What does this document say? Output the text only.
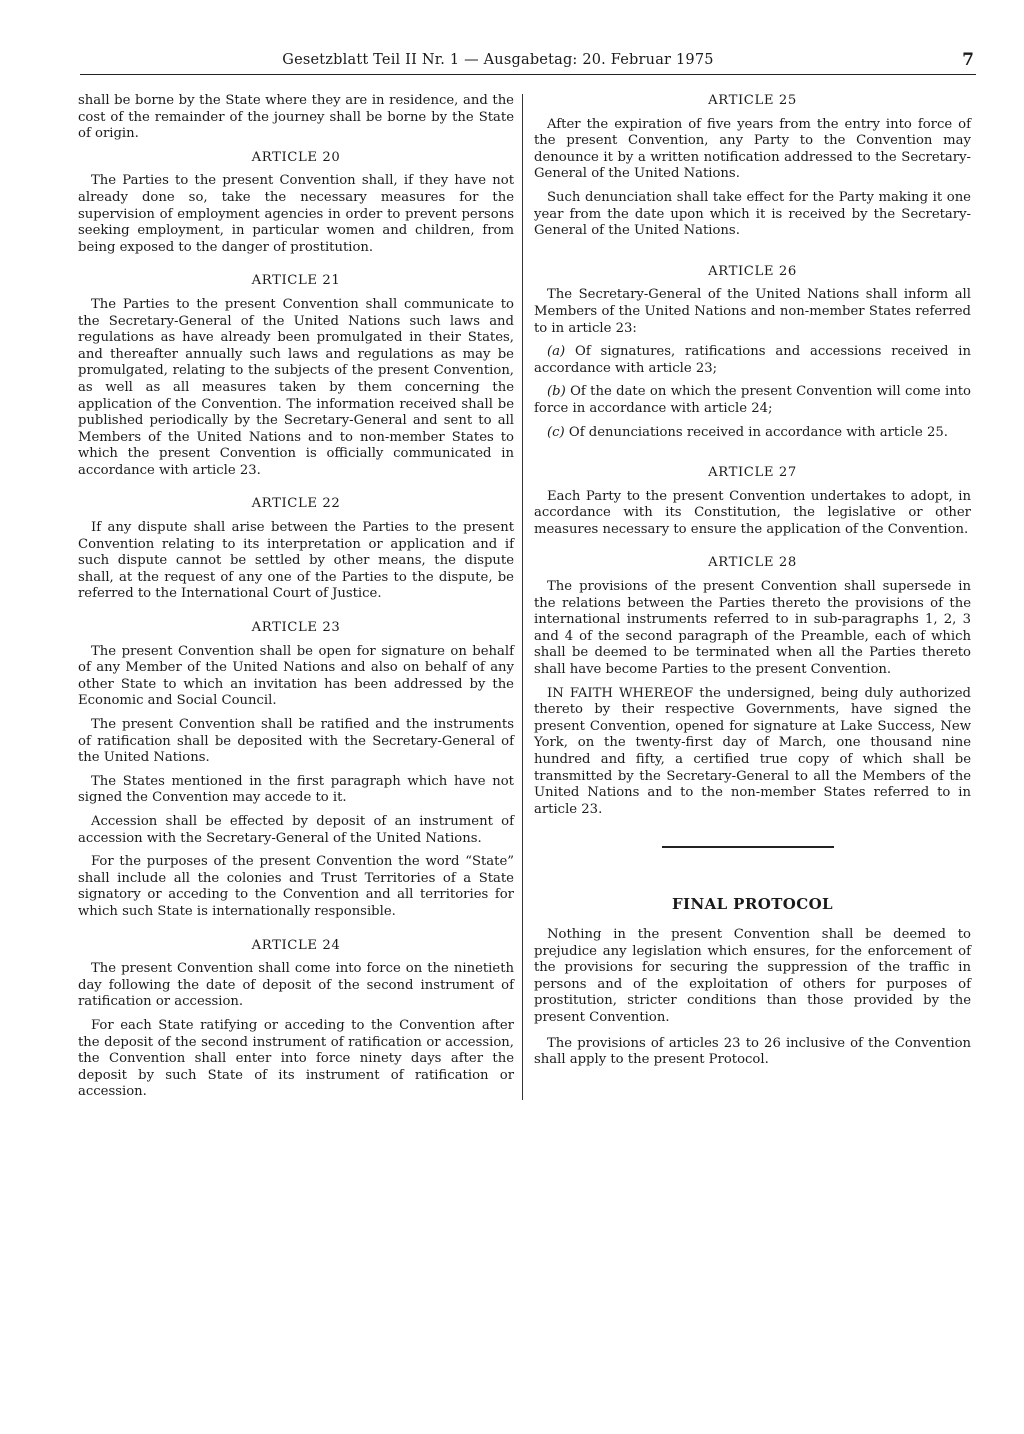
Gesetzblatt Teil II Nr. 1 — Ausgabetag: 20. Februar 1975	7

shall be borne by the State where they are in residence, and the cost of the remainder of the journey shall be borne by the State of origin.

ARTICLE 20

The Parties to the present Convention shall, if they have not already done so, take the necessary measures for the supervision of employment agencies in order to prevent persons seeking employment, in particular women and children, from being exposed to the danger of prostitution.

ARTICLE 21

The Parties to the present Convention shall communicate to the Secretary-General of the United Nations such laws and regulations as have already been promulgated in their States, and thereafter annually such laws and regulations as may be promulgated, relating to the subjects of the present Convention, as well as all measures taken by them concerning the application of the Convention. The information received shall be published periodically by the Secretary-General and sent to all Members of the United Nations and to non-member States to which the present Convention is officially communicated in accordance with article 23.

ARTICLE 22

If any dispute shall arise between the Parties to the present Convention relating to its interpretation or application and if such dispute cannot be settled by other means, the dispute shall, at the request of any one of the Parties to the dispute, be referred to the International Court of Justice.

ARTICLE 23

The present Convention shall be open for signature on behalf of any Member of the United Nations and also on behalf of any other State to which an invitation has been addressed by the Economic and Social Council.

The present Convention shall be ratified and the instruments of ratification shall be deposited with the Secretary-General of the United Nations.

The States mentioned in the first paragraph which have not signed the Convention may accede to it.

Accession shall be effected by deposit of an instrument of accession with the Secretary-General of the United Nations.

For the purposes of the present Convention the word “State” shall include all the colonies and Trust Territories of a State signatory or acceding to the Convention and all territories for which such State is internationally responsible.

ARTICLE 24

The present Convention shall come into force on the ninetieth day following the date of deposit of the second instrument of ratification or accession.

For each State ratifying or acceding to the Convention after the deposit of the second instrument of ratification or accession, the Convention shall enter into force ninety days after the deposit by such State of its instrument of ratification or accession.

ARTICLE 25

After the expiration of five years from the entry into force of the present Convention, any Party to the Convention may denounce it by a written notification addressed to the Secretary-General of the United Nations.

Such denunciation shall take effect for the Party making it one year from the date upon which it is received by the Secretary-General of the United Nations.

ARTICLE 26

The Secretary-General of the United Nations shall inform all Members of the United Nations and non-member States referred to in article 23:

(a) Of signatures, ratifications and accessions received in accordance with article 23;

(b) Of the date on which the present Convention will come into force in accordance with article 24;

(c) Of denunciations received in accordance with article 25.

ARTICLE 27

Each Party to the present Convention undertakes to adopt, in accordance with its Constitution, the legislative or other measures necessary to ensure the application of the Convention.

ARTICLE 28

The provisions of the present Convention shall supersede in the relations between the Parties thereto the provisions of the international instruments referred to in sub-paragraphs 1, 2, 3 and 4 of the second paragraph of the Preamble, each of which shall be deemed to be terminated when all the Parties thereto shall have become Parties to the present Convention.

IN FAITH WHEREOF the undersigned, being duly authorized thereto by their respective Governments, have signed the present Convention, opened for signature at Lake Success, New York, on the twenty-first day of March, one thousand nine hundred and fifty, a certified true copy of which shall be transmitted by the Secretary-General to all the Members of the United Nations and to the non-member States referred to in article 23.

FINAL PROTOCOL

Nothing in the present Convention shall be deemed to prejudice any legislation which ensures, for the enforcement of the provisions for securing the suppression of the traffic in persons and of the exploitation of others for purposes of prostitution, stricter conditions than those provided by the present Convention.

The provisions of articles 23 to 26 inclusive of the Convention shall apply to the present Protocol.
